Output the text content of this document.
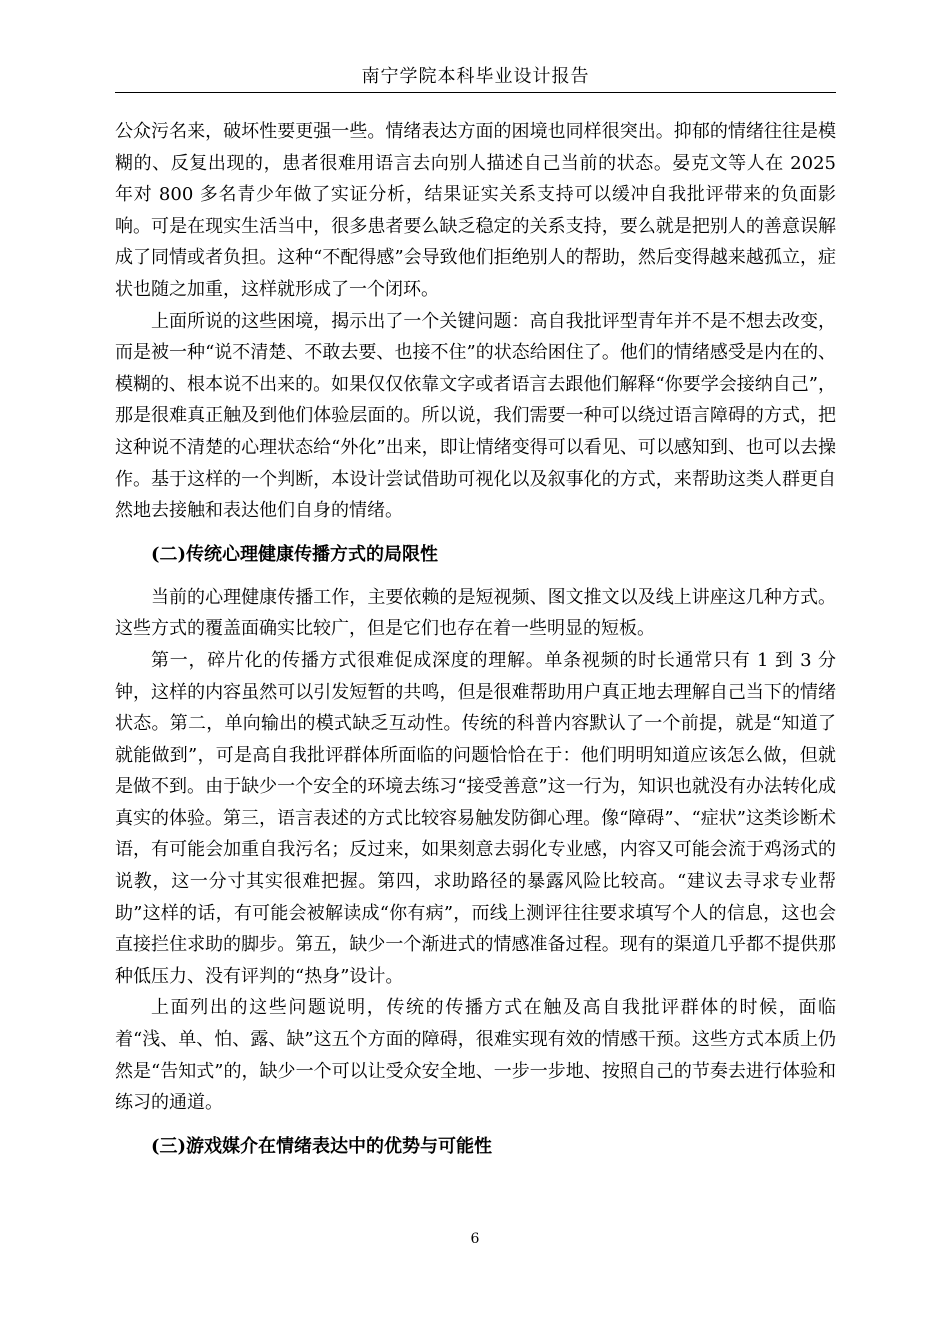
南宁学院本科毕业设计报告

公众污名来，破坏性要更强一些。情绪表达方面的困境也同样很突出。抑郁的情绪往往是模糊的、反复出现的，患者很难用语言去向别人描述自己当前的状态。晏克文等人在 2025 年对 800 多名青少年做了实证分析，结果证实关系支持可以缓冲自我批评带来的负面影响。可是在现实生活当中，很多患者要么缺乏稳定的关系支持，要么就是把别人的善意误解成了同情或者负担。这种“不配得感”会导致他们拒绝别人的帮助，然后变得越来越孤立，症状也随之加重，这样就形成了一个闭环。

上面所说的这些困境，揭示出了一个关键问题：高自我批评型青年并不是不想去改变，而是被一种“说不清楚、不敢去要、也接不住”的状态给困住了。他们的情绪感受是内在的、模糊的、根本说不出来的。如果仅仅依靠文字或者语言去跟他们解释“你要学会接纳自己”，那是很难真正触及到他们体验层面的。所以说，我们需要一种可以绕过语言障碍的方式，把这种说不清楚的心理状态给“外化”出来，即让情绪变得可以看见、可以感知到、也可以去操作。基于这样的一个判断，本设计尝试借助可视化以及叙事化的方式，来帮助这类人群更自然地去接触和表达他们自身的情绪。

(二)传统心理健康传播方式的局限性

当前的心理健康传播工作，主要依赖的是短视频、图文推文以及线上讲座这几种方式。这些方式的覆盖面确实比较广，但是它们也存在着一些明显的短板。

第一，碎片化的传播方式很难促成深度的理解。单条视频的时长通常只有 1 到 3 分钟，这样的内容虽然可以引发短暂的共鸣，但是很难帮助用户真正地去理解自己当下的情绪状态。第二，单向输出的模式缺乏互动性。传统的科普内容默认了一个前提，就是“知道了就能做到”，可是高自我批评群体所面临的问题恰恰在于：他们明明知道应该怎么做，但就是做不到。由于缺少一个安全的环境去练习“接受善意”这一行为，知识也就没有办法转化成真实的体验。第三，语言表述的方式比较容易触发防御心理。像“障碍”、“症状”这类诊断术语，有可能会加重自我污名；反过来，如果刻意去弱化专业感，内容又可能会流于鸡汤式的说教，这一分寸其实很难把握。第四，求助路径的暴露风险比较高。“建议去寻求专业帮助”这样的话，有可能会被解读成“你有病”，而线上测评往往要求填写个人的信息，这也会直接拦住求助的脚步。第五，缺少一个渐进式的情感准备过程。现有的渠道几乎都不提供那种低压力、没有评判的“热身”设计。

上面列出的这些问题说明，传统的传播方式在触及高自我批评群体的时候，面临着“浅、单、怕、露、缺”这五个方面的障碍，很难实现有效的情感干预。这些方式本质上仍然是“告知式”的，缺少一个可以让受众安全地、一步一步地、按照自己的节奏去进行体验和练习的通道。

(三)游戏媒介在情绪表达中的优势与可能性
6
